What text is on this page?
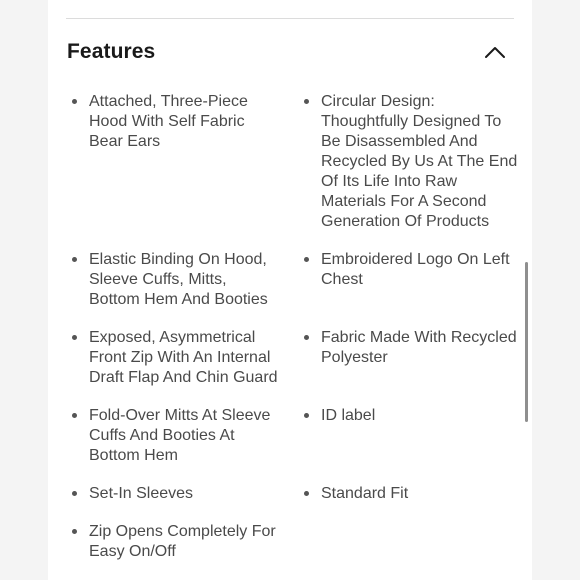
Features
Attached, Three-Piece Hood With Self Fabric Bear Ears
Circular Design: Thoughtfully Designed To Be Disassembled And Recycled By Us At The End Of Its Life Into Raw Materials For A Second Generation Of Products
Elastic Binding On Hood, Sleeve Cuffs, Mitts, Bottom Hem And Booties
Embroidered Logo On Left Chest
Exposed, Asymmetrical Front Zip With An Internal Draft Flap And Chin Guard
Fabric Made With Recycled Polyester
Fold-Over Mitts At Sleeve Cuffs And Booties At Bottom Hem
ID label
Set-In Sleeves	Standard Fit
Zip Opens Completely For Easy On/Off
